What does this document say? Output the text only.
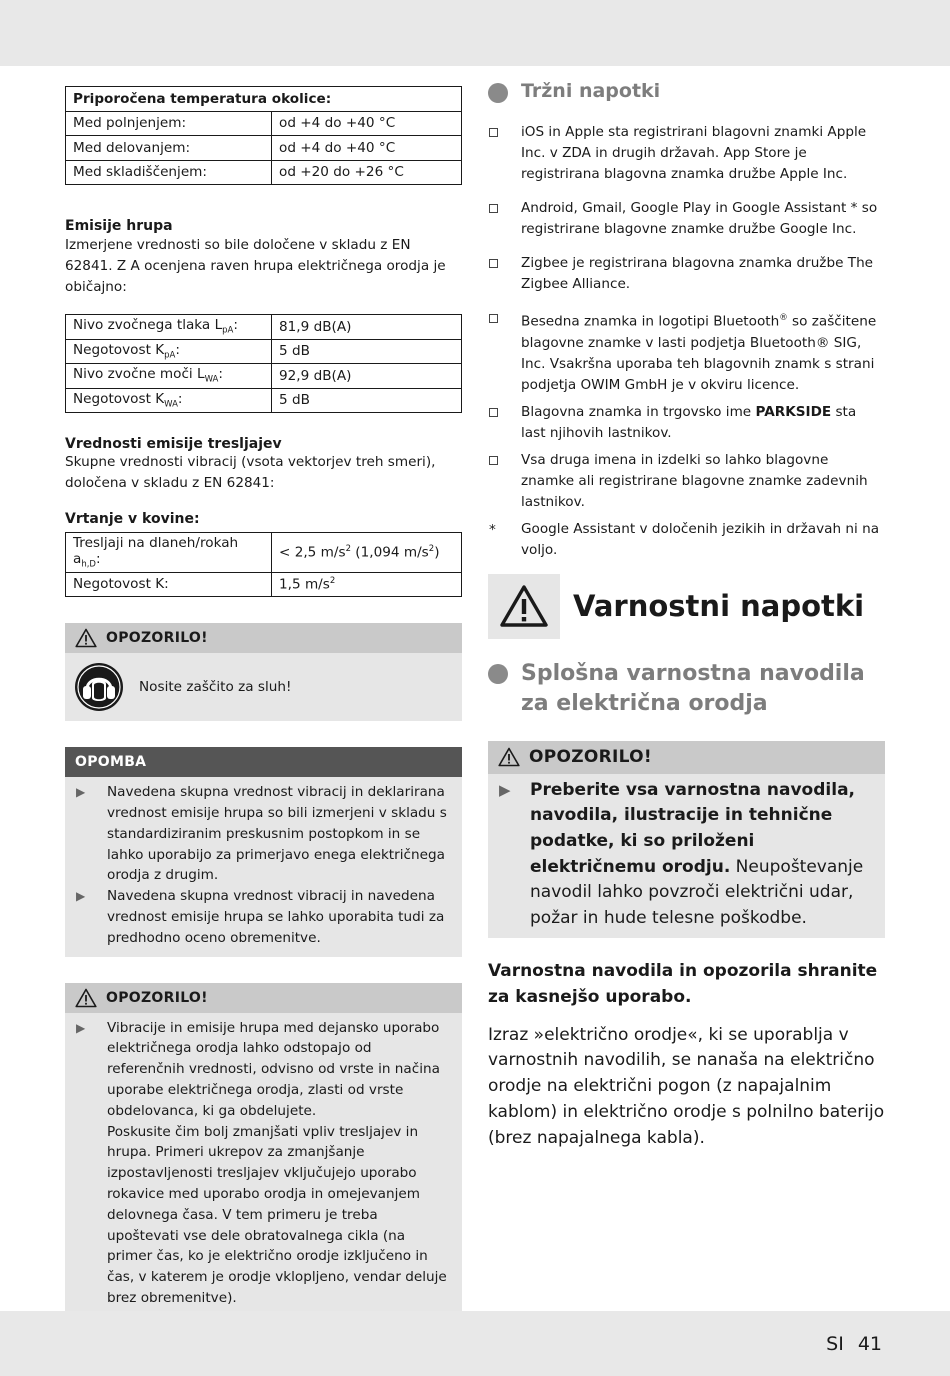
Priporočena temperatura okolice:	
Med polnjenjem:	od +4 do +40 °C
Med delovanjem:	od +4 do +40 °C
Med skladiščenjem:	od +20 do +26 °C
Emisije hrupa
Izmerjene vrednosti so bile določene v skladu z EN 62841. Z A ocenjena raven hrupa električnega orodja je običajno:
Nivo zvočnega tlaka $L_{pA}$:	81,9 dB(A)
Negotovost $K_{pA}$:	5 dB
Nivo zvočne moči $L_{WA}$:	92,9 dB(A)
Negotovost $K_{WA}$:	5 dB
Vrednosti emisije tresljajev
Skupne vrednosti vibracij (vsota vektorjev treh smeri), določena v skladu z EN 62841:
Vrtanje v kovine:
Tresljaji na dlaneh/rokah $a_{h,D}$:	< 2,5 $m/s^2$ (1,094 $m/s^2$)
Negotovost K:	1,5 $m/s^2$
OPOZORILO!
Nosite zaščito za sluh!
OPOMBA
▶	Navedena skupna vrednost vibracij in deklarirana vrednost emisije hrupa so bili izmerjeni v skladu s standardiziranim preskusnim postopkom in se lahko uporabijo za primerjavo enega električnega orodja z drugim.
▶	Navedena skupna vrednost vibracij in navedena vrednost emisije hrupa se lahko uporabita tudi za predhodno oceno obremenitve.
OPOZORILO!
▶	Vibracije in emisije hrupa med dejansko uporabo električnega orodja lahko odstopajo od referenčnih vrednosti, odvisno od vrste in načina uporabe električnega orodja, zlasti od vrste obdelovanca, ki ga obdelujete.
Poskusite čim bolj zmanjšati vpliv tresljajev in hrupa. Primeri ukrepov za zmanjšanje izpostavljenosti tresljajev vključujejo uporabo rokavice med uporabo orodja in omejevanjem delovnega časa. V tem primeru je treba upoštevati vse dele obratovalnega cikla (na primer čas, ko je električno orodje izključeno in čas, v katerem je orodje vklopljeno, vendar deluje brez obremenitve).
Tržni napotki
iOS in Apple sta registrirani blagovni znamki Apple Inc. v ZDA in drugih državah. App Store je registrirana blagovna znamka družbe Apple Inc.
Android, Gmail, Google Play in Google Assistant * so registrirane blagovne znamke družbe Google Inc.
Zigbee je registrirana blagovna znamka družbe The Zigbee Alliance.
Besedna znamka in logotipi Bluetooth® so zaščitene blagovne znamke v lasti podjetja Bluetooth® SIG, Inc. Vsakršna uporaba teh blagovnih znamk s strani podjetja OWIM GmbH je v okviru licence.
Blagovna znamka in trgovsko ime PARKSIDE sta last njihovih lastnikov.
Vsa druga imena in izdelki so lahko blagovne znamke ali registrirane blagovne znamke zadevnih lastnikov.
*	Google Assistant v določenih jezikih in državah ni na voljo.
Varnostni napotki
Splošna varnostna navodila za električna orodja
OPOZORILO!
▶	Preberite vsa varnostna navodila, navodila, ilustracije in tehnične podatke, ki so priloženi električnemu orodju. Neupoštevanje navodil lahko povzroči električni udar, požar in hude telesne poškodbe.
Varnostna navodila in opozorila shranite za kasnejšo uporabo.
Izraz »električno orodje«, ki se uporablja v varnostnih navodilih, se nanaša na električno orodje na električni pogon (z napajalnim kablom) in električno orodje s polnilno baterijo (brez napajalnega kabla).
SI 41
